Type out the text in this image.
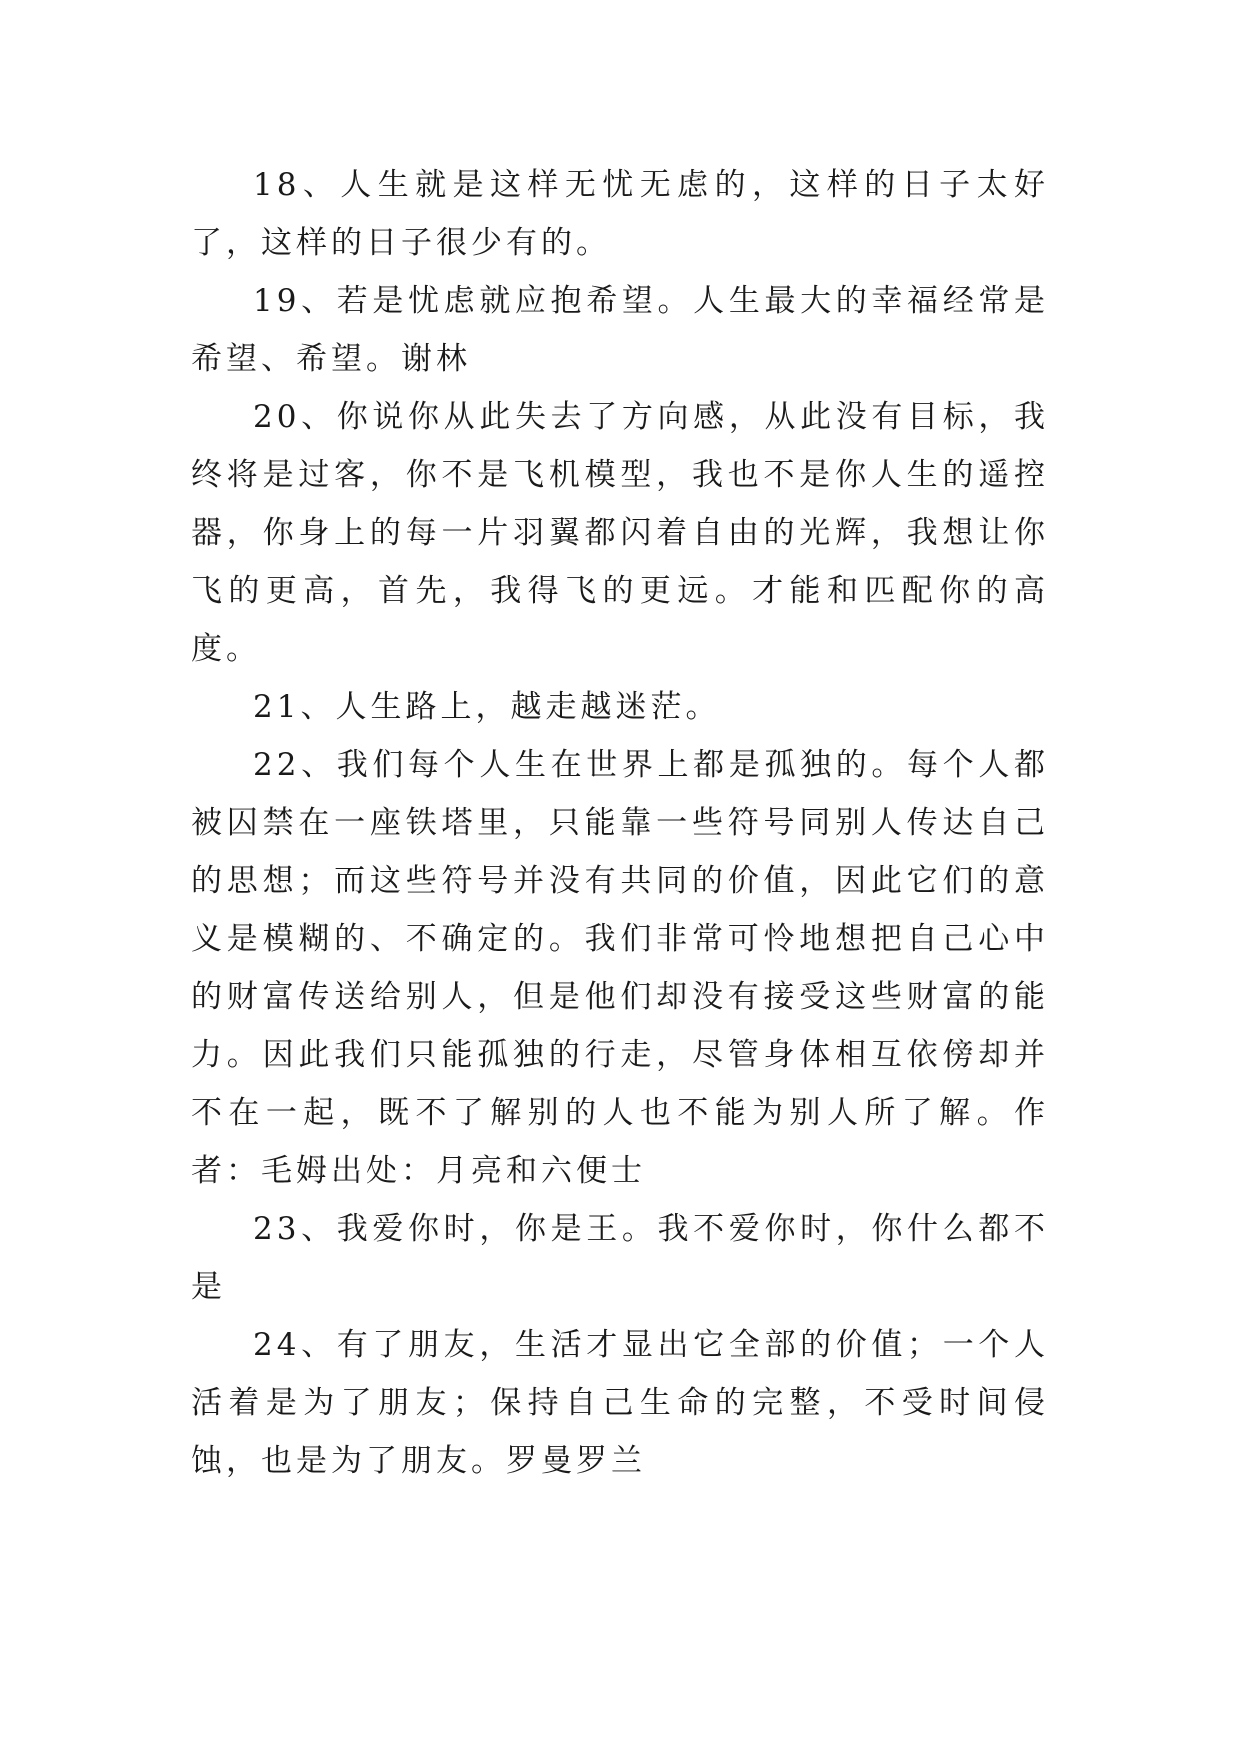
18、人生就是这样无忧无虑的，这样的日子太好了，这样的日子很少有的。

19、若是忧虑就应抱希望。人生最大的幸福经常是希望、希望。谢林

20、你说你从此失去了方向感，从此没有目标，我终将是过客，你不是飞机模型，我也不是你人生的遥控器，你身上的每一片羽翼都闪着自由的光辉，我想让你飞的更高，首先，我得飞的更远。才能和匹配你的高度。

21、人生路上，越走越迷茫。

22、我们每个人生在世界上都是孤独的。每个人都被囚禁在一座铁塔里，只能靠一些符号同别人传达自己的思想；而这些符号并没有共同的价值，因此它们的意义是模糊的、不确定的。我们非常可怜地想把自己心中的财富传送给别人，但是他们却没有接受这些财富的能力。因此我们只能孤独的行走，尽管身体相互依傍却并不在一起，既不了解别的人也不能为别人所了解。作者：毛姆出处：月亮和六便士

23、我爱你时，你是王。我不爱你时，你什么都不是

24、有了朋友，生活才显出它全部的价值；一个人活着是为了朋友；保持自己生命的完整，不受时间侵蚀，也是为了朋友。罗曼罗兰
